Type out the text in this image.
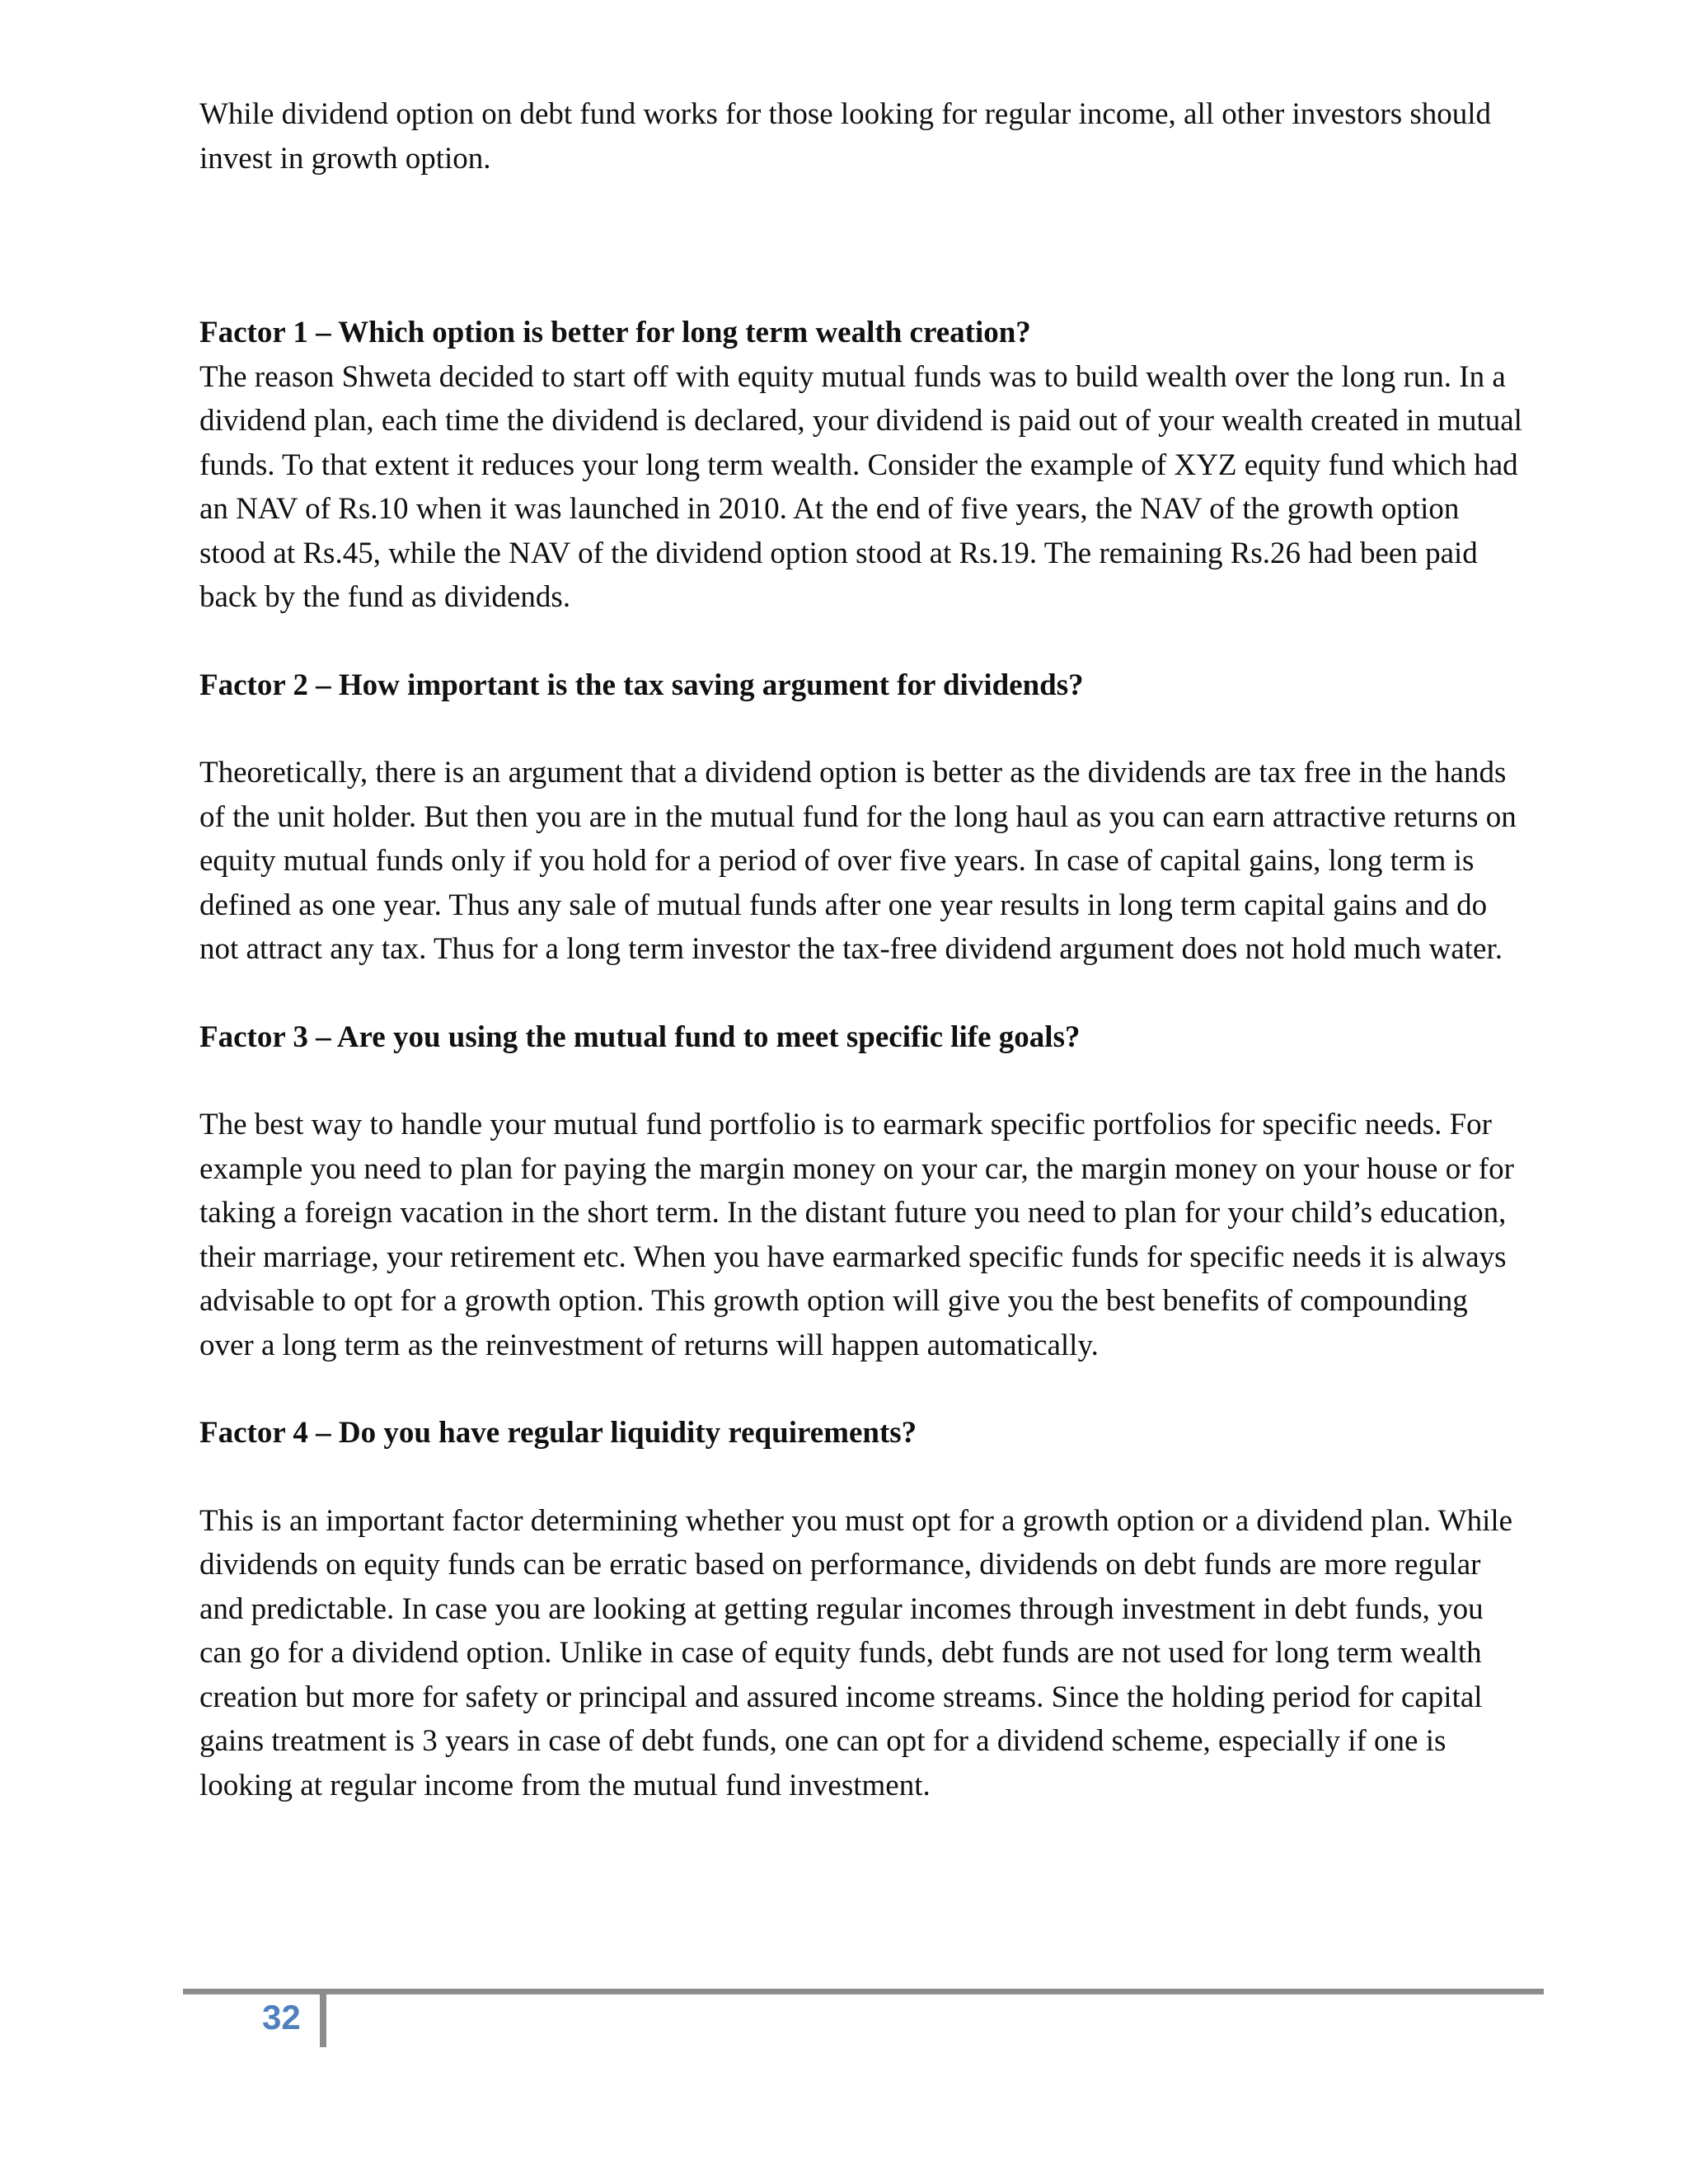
While dividend option on debt fund works for those looking for regular income, all other investors should invest in growth option.

Factor 1 – Which option is better for long term wealth creation?

The reason Shweta decided to start off with equity mutual funds was to build wealth over the long run. In a dividend plan, each time the dividend is declared, your dividend is paid out of your wealth created in mutual funds. To that extent it reduces your long term wealth. Consider the example of XYZ equity fund which had an NAV of Rs.10 when it was launched in 2010. At the end of five years, the NAV of the growth option stood at Rs.45, while the NAV of the dividend option stood at Rs.19. The remaining Rs.26 had been paid back by the fund as dividends.

Factor 2 – How important is the tax saving argument for dividends?

Theoretically, there is an argument that a dividend option is better as the dividends are tax free in the hands of the unit holder. But then you are in the mutual fund for the long haul as you can earn attractive returns on equity mutual funds only if you hold for a period of over five years. In case of capital gains, long term is defined as one year. Thus any sale of mutual funds after one year results in long term capital gains and do not attract any tax. Thus for a long term investor the tax-free dividend argument does not hold much water.

Factor 3 – Are you using the mutual fund to meet specific life goals?

The best way to handle your mutual fund portfolio is to earmark specific portfolios for specific needs. For example you need to plan for paying the margin money on your car, the margin money on your house or for taking a foreign vacation in the short term. In the distant future you need to plan for your child’s education, their marriage, your retirement etc. When you have earmarked specific funds for specific needs it is always advisable to opt for a growth option. This growth option will give you the best benefits of compounding over a long term as the reinvestment of returns will happen automatically.

Factor 4 – Do you have regular liquidity requirements?

This is an important factor determining whether you must opt for a growth option or a dividend plan. While dividends on equity funds can be erratic based on performance, dividends on debt funds are more regular and predictable. In case you are looking at getting regular incomes through investment in debt funds, you can go for a dividend option. Unlike in case of equity funds, debt funds are not used for long term wealth creation but more for safety or principal and assured income streams. Since the holding period for capital gains treatment is 3 years in case of debt funds, one can opt for a dividend scheme, especially if one is looking at regular income from the mutual fund investment.

32
